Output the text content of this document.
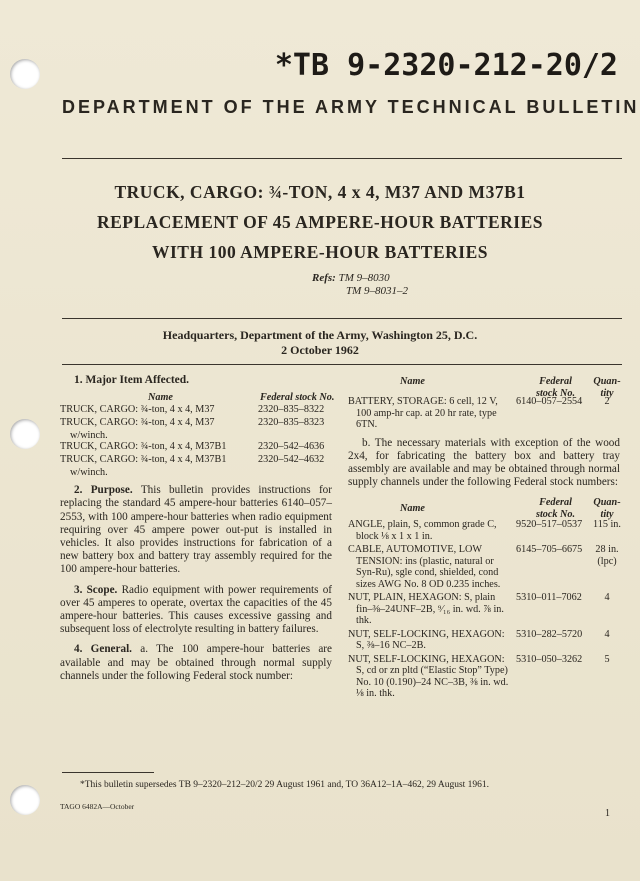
*TB 9-2320-212-20/2
DEPARTMENT OF THE ARMY TECHNICAL BULLETIN
TRUCK, CARGO: ¾-TON, 4 x 4, M37 AND M37B1
REPLACEMENT OF 45 AMPERE-HOUR BATTERIES
WITH 100 AMPERE-HOUR BATTERIES
Refs: TM 9–8030
TM 9–8031–2
Headquarters, Department of the Army, Washington 25, D.C.
2 October 1962
1. Major Item Affected.
Name	Federal stock No.
TRUCK, CARGO: ¾-ton, 4 x 4, M37	2320–835–8322
TRUCK, CARGO: ¾-ton, 4 x 4, M37	2320–835–8323
w/winch.
TRUCK, CARGO: ¾-ton, 4 x 4, M37B1	2320–542–4636
TRUCK, CARGO: ¾-ton, 4 x 4, M37B1	2320–542–4632
w/winch.

2. Purpose. This bulletin provides instructions for replacing the standard 45 ampere-hour batteries 6140–057–2553, with 100 ampere-hour batteries when radio equipment requiring over 45 ampere power out-put is installed in vehicles. It also provides instructions for fabrication of a new battery box and battery tray assembly required for the 100 ampere-hour batteries.

3. Scope. Radio equipment with power requirements of over 45 amperes to operate, overtax the capacities of the 45 ampere-hour batteries. This causes excessive gassing and subsequent loss of electrolyte resulting in battery failures.

4. General. a. The 100 ampere-hour batteries are available and may be obtained through normal supply channels under the following Federal stock number:

Name	Federal
stock No.
Quan-
tity
BATTERY, STORAGE: 6 cell, 12 V, 100 amp-hr cap. at 20 hr rate, type 6TN.
6140–057–2554	2

b. The necessary materials with exception of the wood 2x4, for fabricating the battery box and battery tray assembly are available and may be obtained through normal supply channels under the following Federal stock numbers:

Name
Federal
stock No.
Quan-
tity
ANGLE, plain, S, common grade C, block ⅛ x 1 x 1 in.
9520–517–0537 115 in.
CABLE, AUTOMOTIVE, LOW TENSION: ins (plastic, natural or Syn-Ru), sgle cond, shielded, cond sizes AWG No. 8 OD 0.235 inches.
6145–705–6675	28 in. (lpc)
NUT, PLAIN, HEXAGON: S, plain fin–⅜–24UNF–2B, ⁹⁄₁₆ in. wd. ⅞ in. thk.
5310–011–7062	4
NUT, SELF-LOCKING, HEXAGON: S, ⅜–16 NC–2B.
5310–282–5720	4
NUT, SELF-LOCKING, HEXAGON: S, cd or zn pltd (“Elastic Stop” Type) No. 10 (0.190)–24 NC–3B, ⅜ in. wd. ⅛ in. thk.
5310–050–3262	5
*This bulletin supersedes TB 9–2320–212–20/2 29 August 1961 and, TO 36A12–1A–462, 29 August 1961.
TAGO 6482A—October
1
